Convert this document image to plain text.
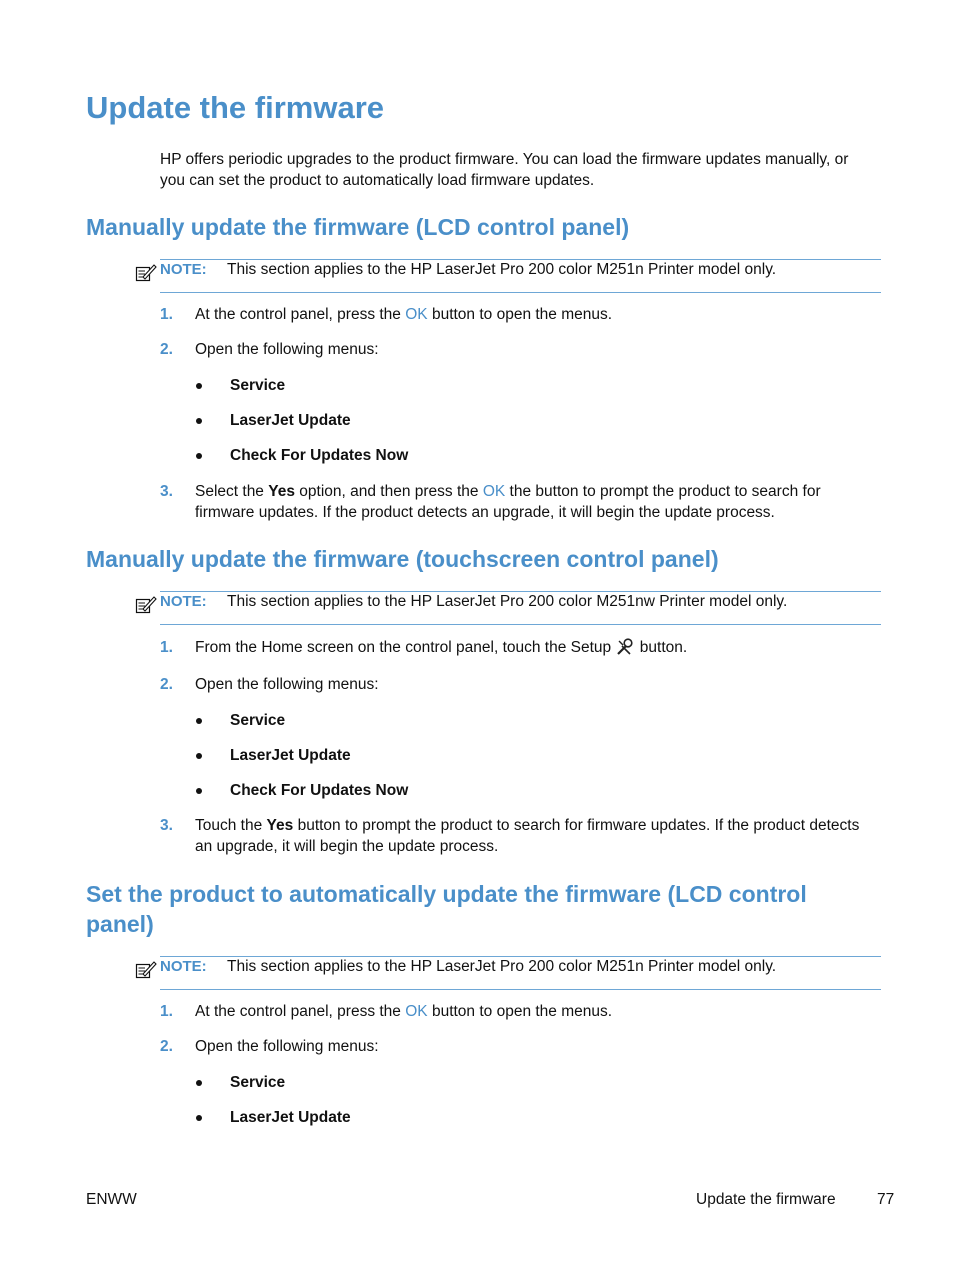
Update the firmware
HP offers periodic upgrades to the product firmware. You can load the firmware updates manually, or you can set the product to automatically load firmware updates.
Manually update the firmware (LCD control panel)
NOTE: This section applies to the HP LaserJet Pro 200 color M251n Printer model only.
1. At the control panel, press the OK button to open the menus.
2. Open the following menus:
Service
LaserJet Update
Check For Updates Now
3. Select the Yes option, and then press the OK the button to prompt the product to search for firmware updates. If the product detects an upgrade, it will begin the update process.
Manually update the firmware (touchscreen control panel)
NOTE: This section applies to the HP LaserJet Pro 200 color M251nw Printer model only.
1. From the Home screen on the control panel, touch the Setup  button.
2. Open the following menus:
Service
LaserJet Update
Check For Updates Now
3. Touch the Yes button to prompt the product to search for firmware updates. If the product detects an upgrade, it will begin the update process.
Set the product to automatically update the firmware (LCD control
panel)
NOTE: This section applies to the HP LaserJet Pro 200 color M251n Printer model only.
1. At the control panel, press the OK button to open the menus.
2. Open the following menus:
Service
LaserJet Update
ENWW	Update the firmware	77
